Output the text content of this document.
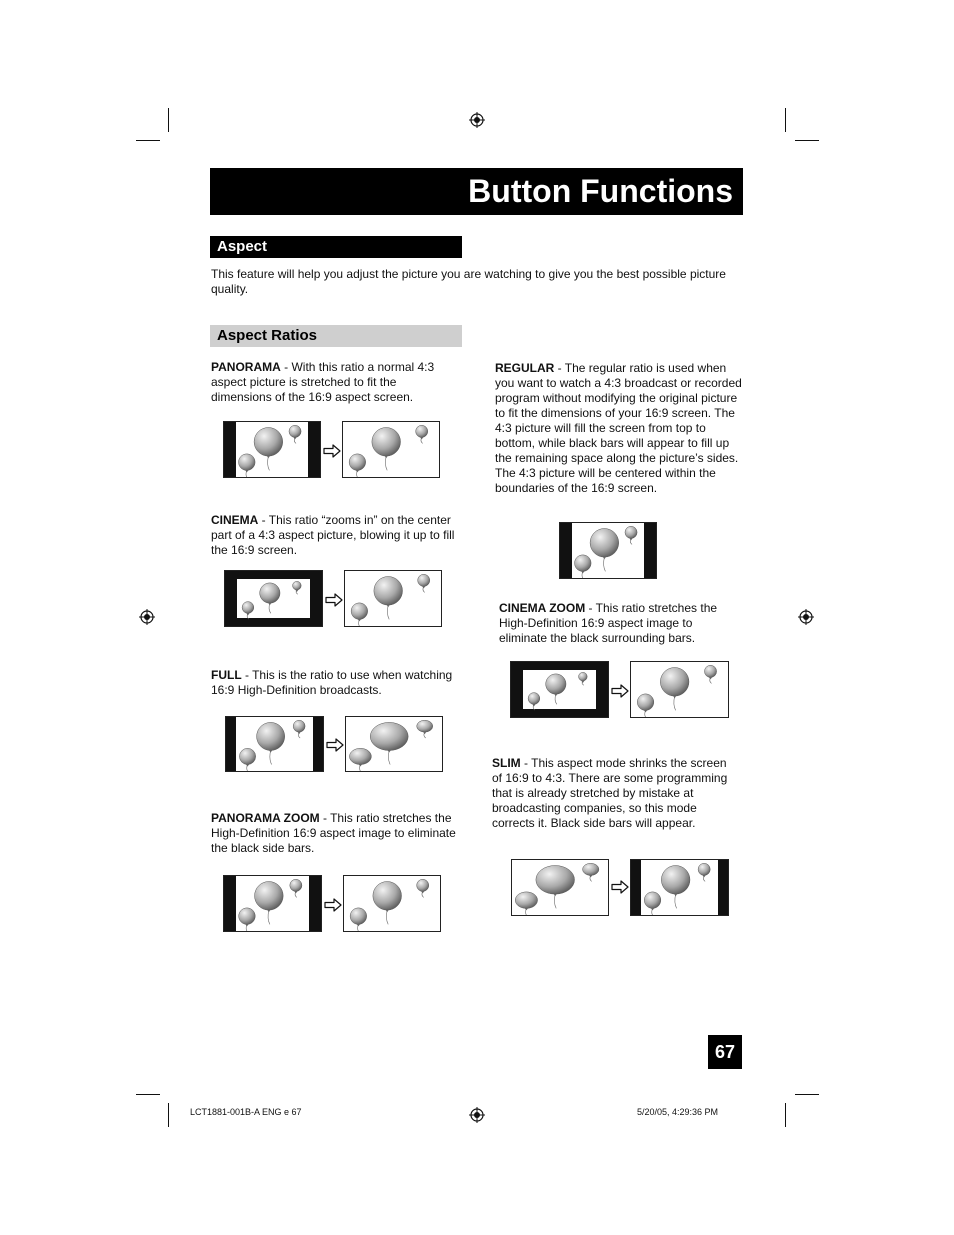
Button Functions
Aspect
This feature will help you adjust the picture you are watching to give you the best possible picture quality.
Aspect Ratios
PANORAMA - With this ratio a normal 4:3 aspect picture is stretched to fit the dimensions of the 16:9 aspect screen.
CINEMA - This ratio “zooms in” on the center part of a 4:3 aspect picture, blowing it up to fill the 16:9 screen.
FULL - This is the ratio to use when watching 16:9 High-Definition broadcasts.
PANORAMA ZOOM - This ratio stretches the High-Definition 16:9 aspect image to eliminate the black side bars.
REGULAR - The regular ratio is used when you want to watch a 4:3 broadcast or recorded program without modifying the original picture to fit the dimensions of your 16:9 screen. The 4:3 picture will fill the screen from top to bottom, while black bars will appear to fill up the remaining space along the picture’s sides. The 4:3 picture will be centered within the boundaries of the 16:9 screen.
CINEMA ZOOM - This ratio stretches the High-Definition 16:9 aspect image to eliminate the black surrounding bars.
SLIM - This aspect mode shrinks the screen of 16:9 to 4:3. There are some programming that is already stretched by mistake at broadcasting companies, so this mode corrects it. Black side bars will appear.
67
LCT1881-001B-A ENG e 67	5/20/05, 4:29:36 PM
